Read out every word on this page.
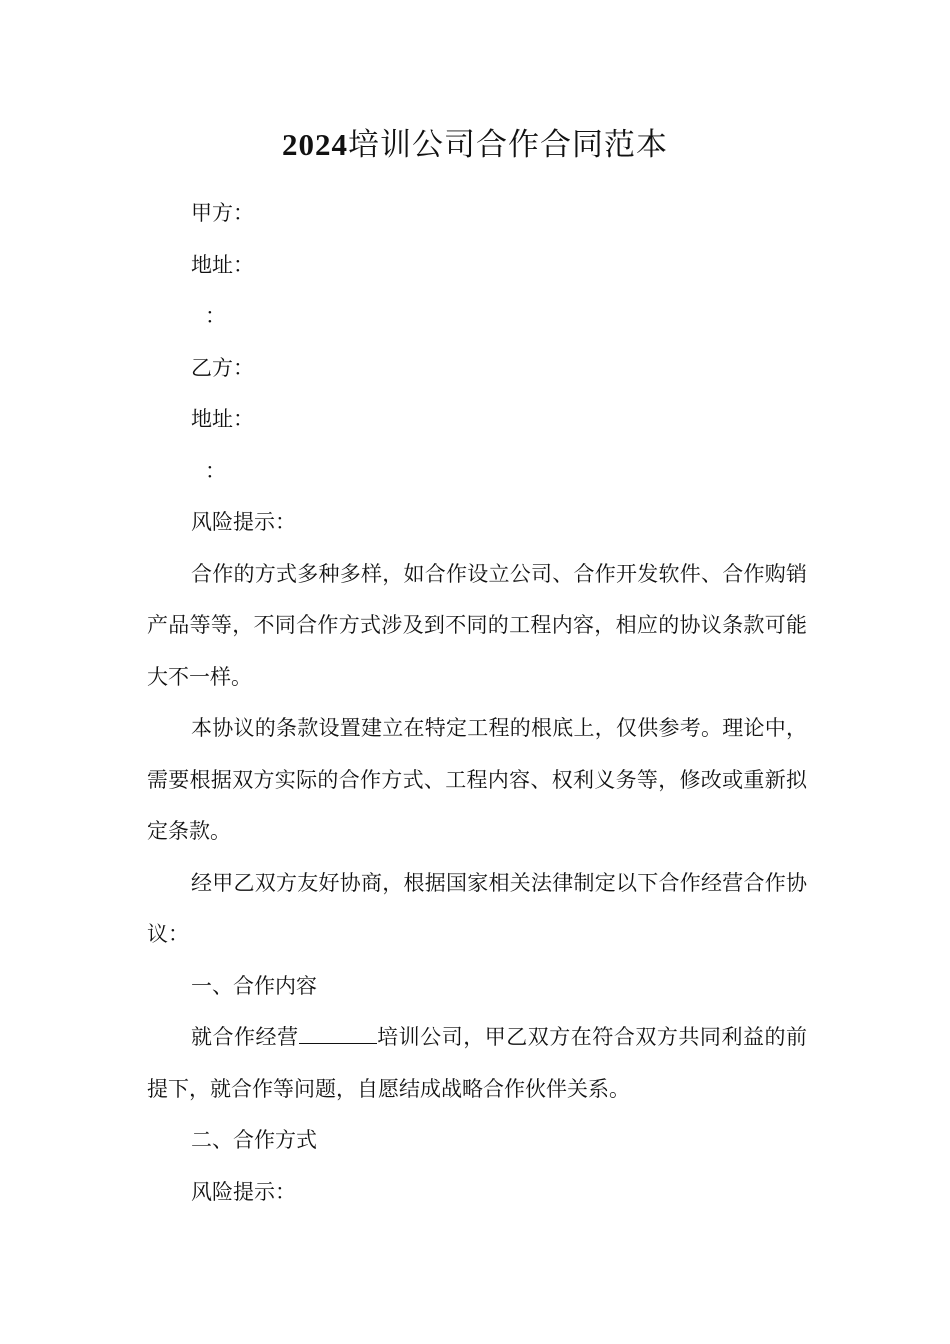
2024培训公司合作合同范本

甲方：

地址：

：

乙方：

地址：

：

风险提示：

合作的方式多种多样，如合作设立公司、合作开发软件、合作购销产品等等，不同合作方式涉及到不同的工程内容，相应的协议条款可能大不一样。

本协议的条款设置建立在特定工程的根底上，仅供参考。理论中，需要根据双方实际的合作方式、工程内容、权利义务等，修改或重新拟定条款。

经甲乙双方友好协商，根据国家相关法律制定以下合作经营合作协议：

一、合作内容

就合作经营	培训公司，甲乙双方在符合双方共同利益的前提下，就合作等问题，自愿结成战略合作伙伴关系。

二、合作方式

风险提示：
